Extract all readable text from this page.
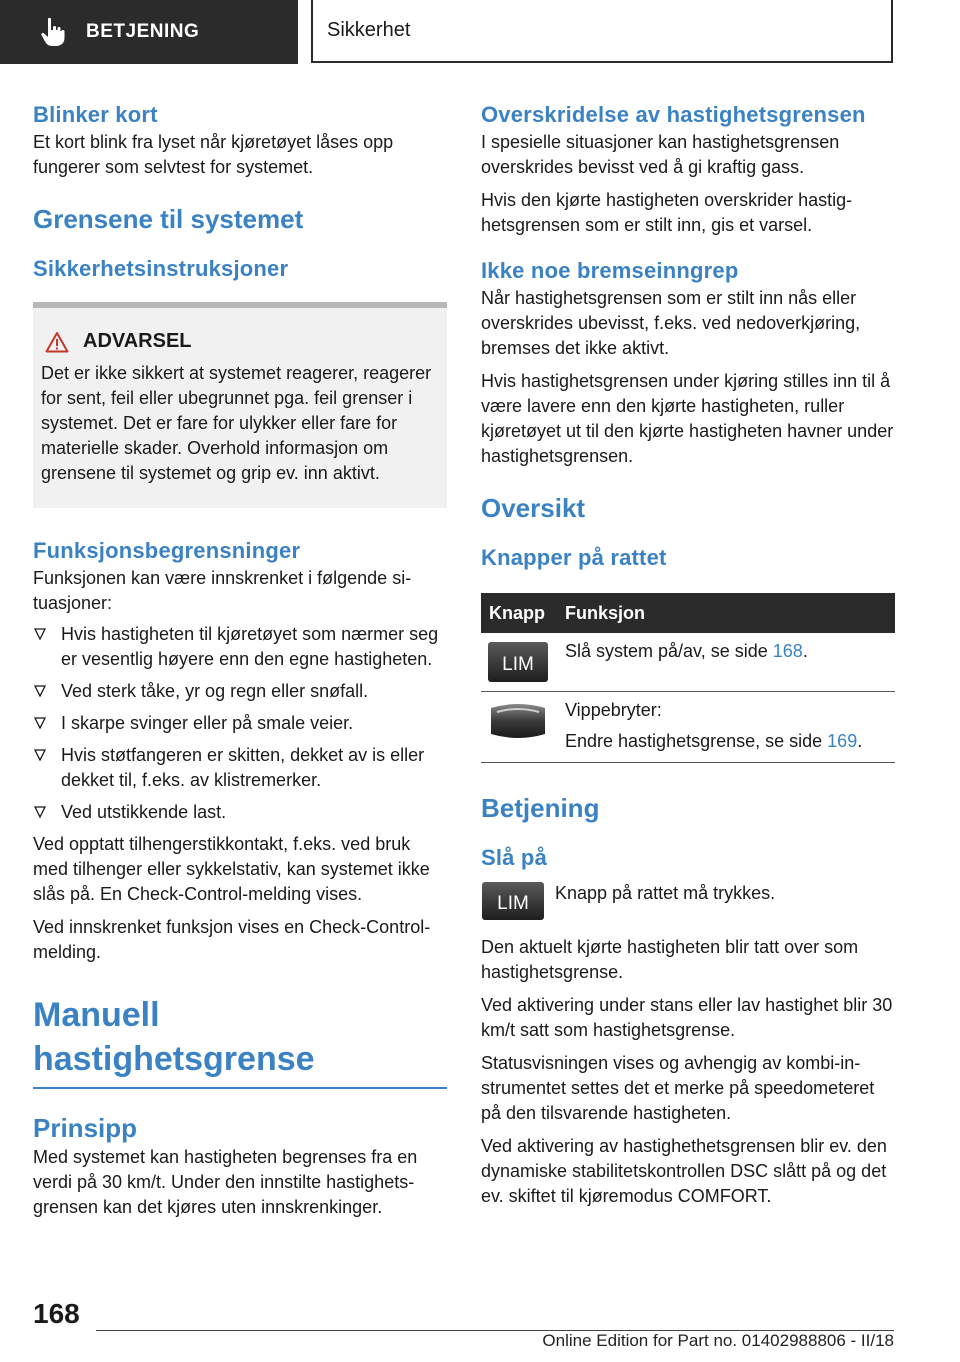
BETJENING	Sikkerhet
Blinker kort

Et kort blink fra lyset når kjøretøyet låses opp fungerer som selvtest for systemet.

Grensene til systemet
Sikkerhetsinstruksjoner
ADVARSEL

Det er ikke sikkert at systemet reagerer, reagerer for sent, feil eller ubegrunnet pga. feil grenser i systemet. Det er fare for ulykker eller fare for materielle skader. Overhold informasjon om grensene til systemet og grip ev. inn aktivt.

Funksjonsbegrensninger

Funksjonen kan være innskrenket i følgende situasjoner:

Hvis hastigheten til kjøretøyet som nærmer seg er vesentlig høyere enn den egne hastigheten.
Ved sterk tåke, yr og regn eller snøfall.
I skarpe svinger eller på smale veier.
Hvis støtfangeren er skitten, dekket av is eller dekket til, f.eks. av klistremerker.
Ved utstikkende last.

Ved opptatt tilhengerstikkontakt, f.eks. ved bruk med tilhenger eller sykkelstativ, kan systemet ikke slås på. En Check-Control-melding vises.

Ved innskrenket funksjon vises en Check-Control-melding.

Manuell hastighetsgrense
Prinsipp

Med systemet kan hastigheten begrenses fra en verdi på 30 km/t. Under den innstilte hastighetsgrensen kan det kjøres uten innskrenkinger.

Overskridelse av hastighetsgrensen

I spesielle situasjoner kan hastighetsgrensen overskrides bevisst ved å gi kraftig gass.

Hvis den kjørte hastigheten overskrider hastighetsgrensen som er stilt inn, gis et varsel.

Ikke noe bremseinngrep

Når hastighetsgrensen som er stilt inn nås eller overskrides ubevisst, f.eks. ved nedoverkjøring, bremses det ikke aktivt.

Hvis hastighetsgrensen under kjøring stilles inn til å være lavere enn den kjørte hastigheten, ruller kjøretøyet ut til den kjørte hastigheten havner under hastighetsgrensen.

Oversikt
Knapper på rattet
Knapp	Funksjon

LIM	Slå system på/av, se side 168.

Vippebryter:
Endre hastighetsgrense, se side 169.
Betjening
Slå på
LIM	Knapp på rattet må trykkes.

Den aktuelt kjørte hastigheten blir tatt over som hastighetsgrense.

Ved aktivering under stans eller lav hastighet blir 30 km/t satt som hastighetsgrense.

Statusvisningen vises og avhengig av kombi-instrumentet settes det et merke på speedometeret på den tilsvarende hastigheten.

Ved aktivering av hastighethetsgrensen blir ev. den dynamiske stabilitetskontrollen DSC slått på og det ev. skiftet til kjøremodus COMFORT.

168
Online Edition for Part no. 01402988806 - II/18
